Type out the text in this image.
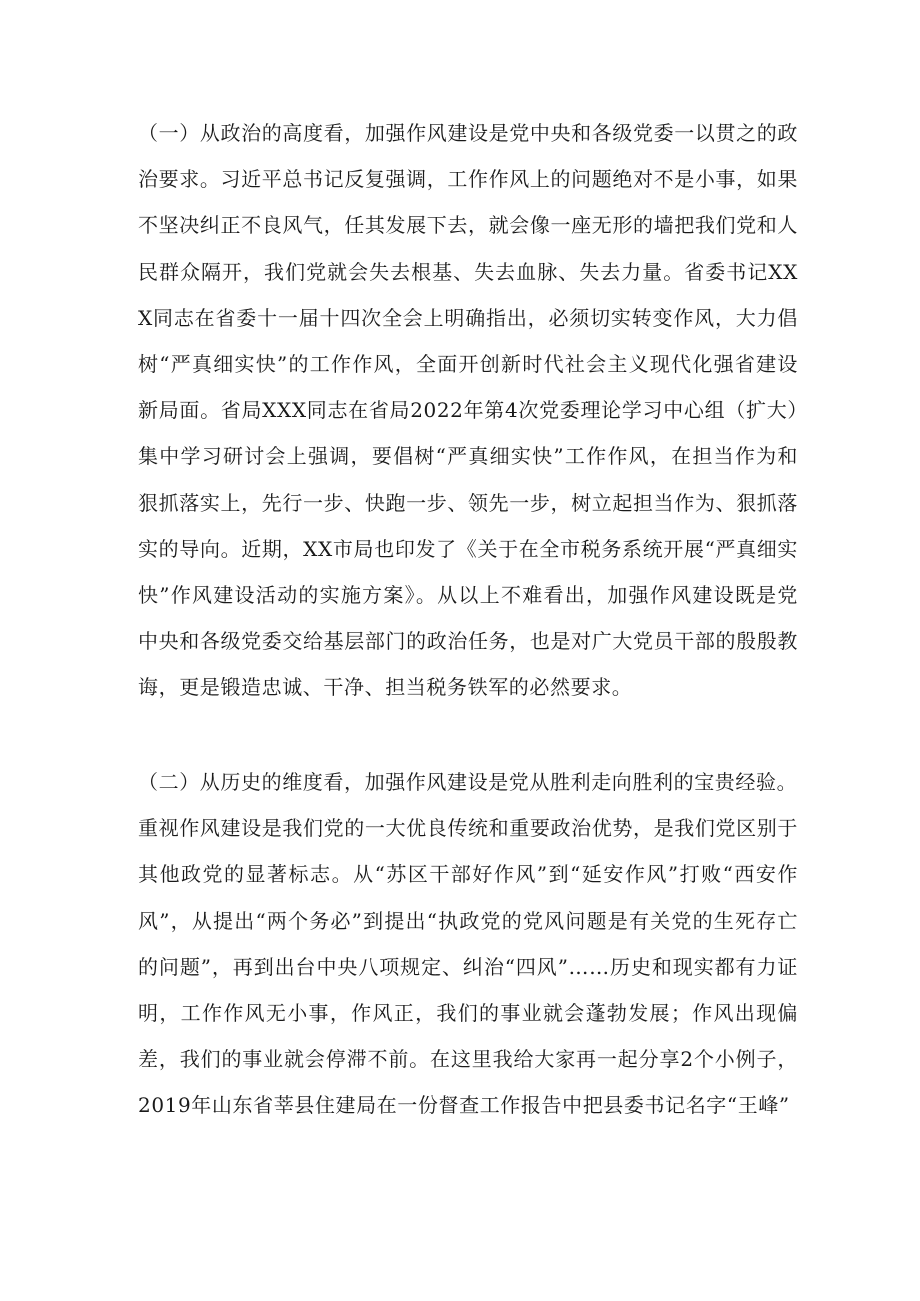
（一）从政治的高度看，加强作风建设是党中央和各级党委一以贯之的政治要求。习近平总书记反复强调，工作作风上的问题绝对不是小事，如果不坚决纠正不良风气，任其发展下去，就会像一座无形的墙把我们党和人民群众隔开，我们党就会失去根基、失去血脉、失去力量。省委书记XXX同志在省委十一届十四次全会上明确指出，必须切实转变作风，大力倡树“严真细实快”的工作作风，全面开创新时代社会主义现代化强省建设新局面。省局XXX同志在省局2022年第4次党委理论学习中心组（扩大）集中学习研讨会上强调，要倡树“严真细实快”工作作风，在担当作为和狠抓落实上，先行一步、快跑一步、领先一步，树立起担当作为、狠抓落实的导向。近期，XX市局也印发了《关于在全市税务系统开展“严真细实快”作风建设活动的实施方案》。从以上不难看出，加强作风建设既是党中央和各级党委交给基层部门的政治任务，也是对广大党员干部的殷殷教诲，更是锻造忠诚、干净、担当税务铁军的必然要求。

（二）从历史的维度看，加强作风建设是党从胜利走向胜利的宝贵经验。
重视作风建设是我们党的一大优良传统和重要政治优势，是我们党区别于其他政党的显著标志。从“苏区干部好作风”到“延安作风”打败“西安作风”，从提出“两个务必”到提出“执政党的党风问题是有关党的生死存亡的问题”，再到出台中央八项规定、纠治“四风”……历史和现实都有力证明，工作作风无小事，作风正，我们的事业就会蓬勃发展；作风出现偏差，我们的事业就会停滞不前。在这里我给大家再一起分享2个小例子，2019年山东省莘县住建局在一份督查工作报告中把县委书记名字“王峰”
